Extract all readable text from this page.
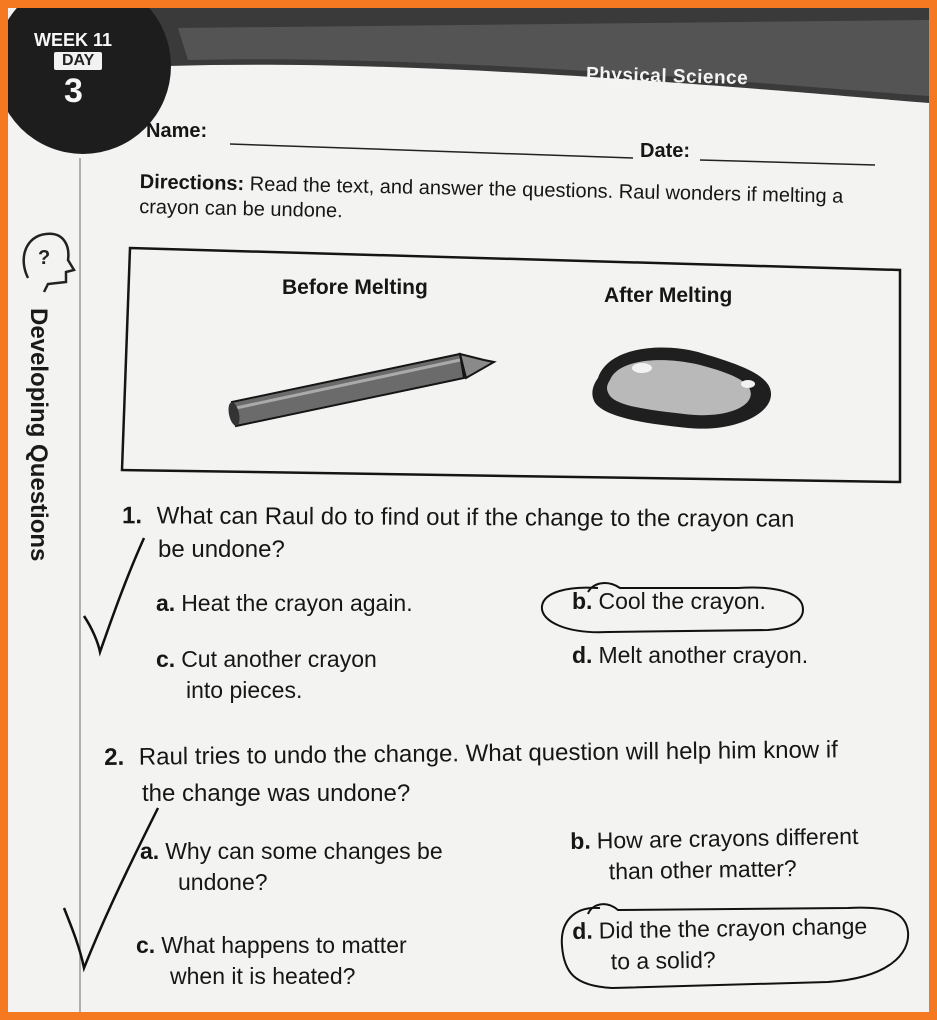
?
WEEK 11
DAY
3	Physical Science
Name:
Date:
Directions: Read the text, and answer the questions. Raul wonders if melting a crayon can be undone.
Developing Questions
Before Melting	After Melting
1. What can Raul do to find out if the change to the crayon can
be undone?
a. Heat the crayon again.	b. Cool the crayon.
c. Cut another crayon
into pieces.
d. Melt another crayon.
2. Raul tries to undo the change. What question will help him know if
the change was undone?
a. Why can some changes be
undone?
b. How are crayons different
than other matter?
c. What happens to matter
when it is heated?
d. Did the the crayon change
to a solid?
